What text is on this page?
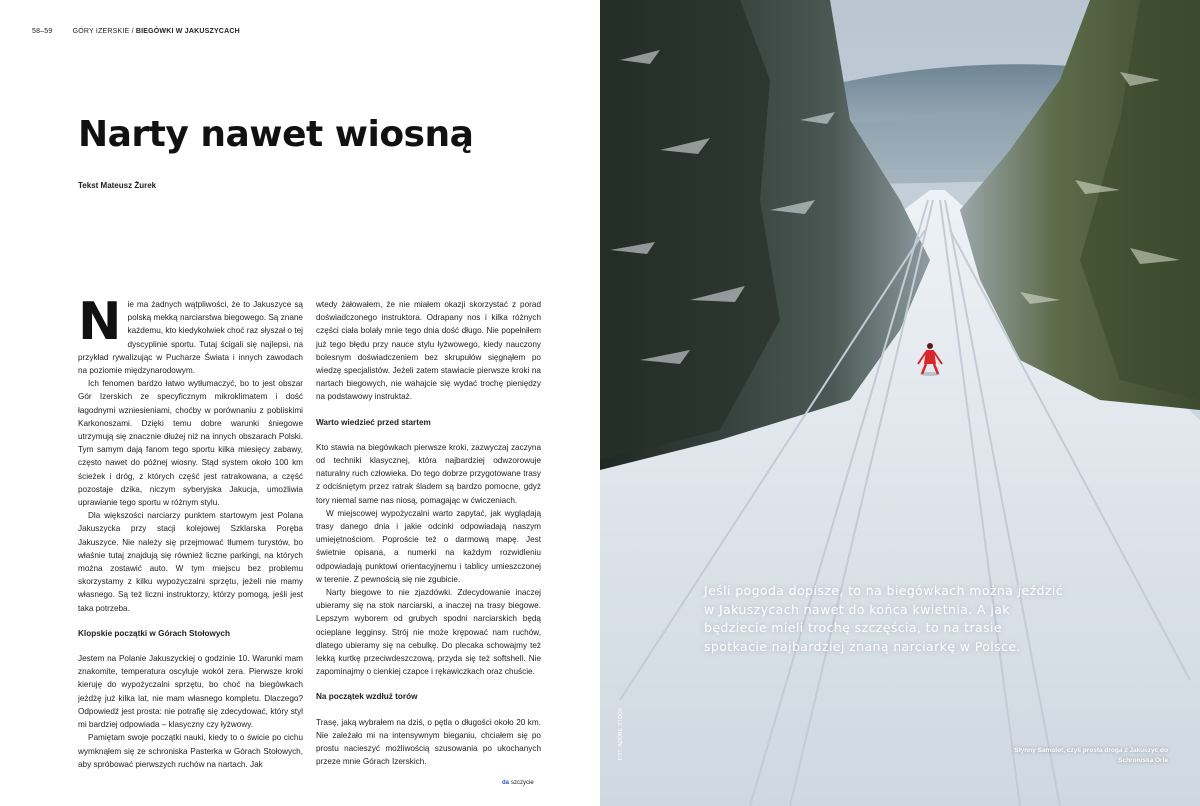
58–59	GÓRY IZERSKIE / BIEGÓWKI W JAKUSZYCACH
Narty nawet wiosną
Tekst Mateusz Żurek

Nie ma żadnych wątpliwości, że to Jakuszyce są polską mekką narciarstwa biegowego. Są znane każdemu, kto kiedykolwiek choć raz słyszał o tej dyscyplinie sportu. Tutaj ścigali się najlepsi, na przykład rywalizując w Pucharze Świata i innych zawodach na poziomie międzynarodowym.

Ich fenomen bardzo łatwo wytłumaczyć, bo to jest obszar Gór Izerskich ze specyficznym mikroklimatem i dość łagodnymi wzniesieniami, choćby w porównaniu z pobliskimi Karkonoszami. Dzięki temu dobre warunki śniegowe utrzymują się znacznie dłużej niż na innych obszarach Polski. Tym samym dają fanom tego sportu kilka miesięcy zabawy, często nawet do późnej wiosny. Stąd system około 100 km ścieżek i dróg, z których część jest ratrakowana, a część pozostaje dzika, niczym syberyjska Jakucja, umożliwia uprawianie tego sportu w różnym stylu.

Dla większości narciarzy punktem startowym jest Polana Jakuszycka przy stacji kolejowej Szklarska Poręba Jakuszyce. Nie należy się przejmować tłumem turystów, bo właśnie tutaj znajdują się również liczne parkingi, na których można zostawić auto. W tym miejscu bez problemu skorzystamy z kilku wypożyczalni sprzętu, jeżeli nie mamy własnego. Są też liczni instruktorzy, którzy pomogą, jeśli jest taka potrzeba.

Klopskie początki w Górach Stołowych

Jestem na Polanie Jakuszyckiej o godzinie 10. Warunki mam znakomite, temperatura oscyluje wokół zera. Pierwsze kroki kieruję do wypożyczalni sprzętu, bo choć na biegówkach jeżdżę już kilka lat, nie mam własnego kompletu. Dlaczego? Odpowiedź jest prosta: nie potrafię się zdecydować, który styl mi bardziej odpowiada – klasyczny czy łyżwowy.

Pamiętam swoje początki nauki, kiedy to o świcie po cichu wymknąłem się ze schroniska Pasterka w Górach Stołowych, aby spróbować pierwszych ruchów na nartach. Jak

wtedy żałowałem, że nie miałem okazji skorzystać z porad doświadczonego instruktora. Odrapany nos i kilka różnych części ciała bolały mnie tego dnia dość długo. Nie popełniłem już tego błędu przy nauce stylu łyżwowego, kiedy nauczony bolesnym doświadczeniem bez skrupułów sięgnąłem po wiedzę specjalistów. Jeżeli zatem stawiacie pierwsze kroki na nartach biegowych, nie wahajcie się wydać trochę pieniędzy na podstawowy instruktaż.

Warto wiedzieć przed startem

Kto stawia na biegówkach pierwsze kroki, zazwyczaj zaczyna od techniki klasycznej, która najbardziej odwzorowuje naturalny ruch człowieka. Do tego dobrze przygotowane trasy z odciśniętym przez ratrak śladem są bardzo pomocne, gdyż tory niemal same nas niosą, pomagając w ćwiczeniach.

W miejscowej wypożyczalni warto zapytać, jak wyglądają trasy danego dnia i jakie odcinki odpowiadają naszym umiejętnościom. Poproście też o darmową mapę. Jest świetnie opisana, a numerki na każdym rozwidleniu odpowiadają punktowi orientacyjnemu i tablicy umieszczonej w terenie. Z pewnością się nie zgubicie.

Narty biegowe to nie zjazdówki. Zdecydowanie inaczej ubieramy się na stok narciarski, a inaczej na trasy biegowe. Lepszym wyborem od grubych spodni narciarskich będą ocieplane legginsy. Strój nie może krępować nam ruchów, dlatego ubieramy się na cebulkę. Do plecaka schowajmy też lekką kurtkę przeciwdeszczową, przyda się też softshell. Nie zapominajmy o cienkiej czapce i rękawiczkach oraz chuście.

Na początek wzdłuż torów

Trasę, jaką wybrałem na dziś, o pętla o długości około 20 km. Nie zależało mi na intensywnym bieganiu, chciałem się po prostu nacieszyć możliwością szusowania po ukochanych przeze mnie Górach Izerskich.

da szczycie

Jeśli pogoda dopisze, to na biegówkach można jeździć w Jakuszycach nawet do końca kwietnia. A jak będziecie mieli trochę szczęścia, to na trasie spotkacie najbardziej znaną narciarkę w Polsce.

Słynny Samolot, czyli prosta droga z Jakuszyc do Schroniska Orle
FOT. ADOBE STOCK
